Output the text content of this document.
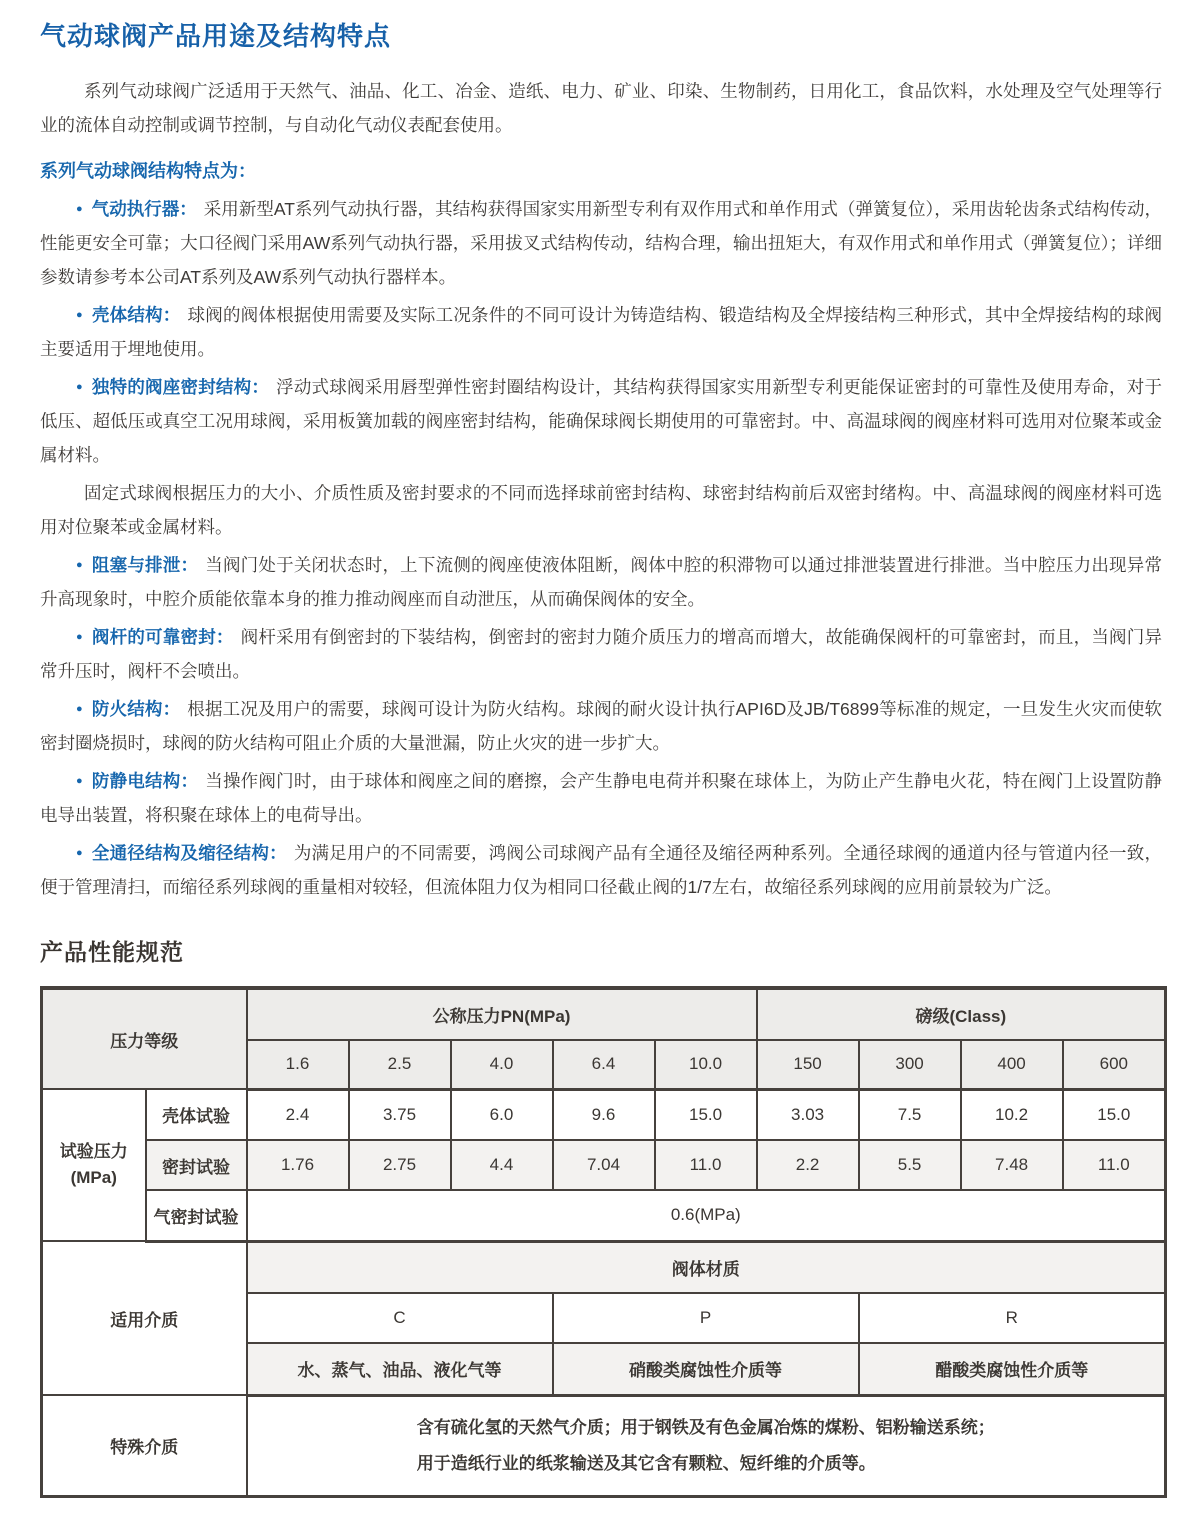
气动球阀产品用途及结构特点

系列气动球阀广泛适用于天然气、油品、化工、冶金、造纸、电力、矿业、印染、生物制药，日用化工，食品饮料，水处理及空气处理等行业的流体自动控制或调节控制，与自动化气动仪表配套使用。

系列气动球阀结构特点为：

● 气动执行器： 采用新型AT系列气动执行器，其结构获得国家实用新型专利有双作用式和单作用式（弹簧复位），采用齿轮齿条式结构传动，性能更安全可靠；大口径阀门采用AW系列气动执行器，采用拔叉式结构传动，结构合理，输出扭矩大，有双作用式和单作用式（弹簧复位）；详细参数请参考本公司AT系列及AW系列气动执行器样本。

● 壳体结构： 球阀的阀体根据使用需要及实际工况条件的不同可设计为铸造结构、锻造结构及全焊接结构三种形式，其中全焊接结构的球阀主要适用于埋地使用。

● 独特的阀座密封结构： 浮动式球阀采用唇型弹性密封圈结构设计，其结构获得国家实用新型专利更能保证密封的可靠性及使用寿命，对于低压、超低压或真空工况用球阀，采用板簧加载的阀座密封结构，能确保球阀长期使用的可靠密封。中、高温球阀的阀座材料可选用对位聚苯或金属材料。

固定式球阀根据压力的大小、介质性质及密封要求的不同而选择球前密封结构、球密封结构前后双密封绪构。中、高温球阀的阀座材料可选用对位聚苯或金属材料。

● 阻塞与排泄： 当阀门处于关闭状态时，上下流侧的阀座使液体阻断，阀体中腔的积滞物可以通过排泄装置进行排泄。当中腔压力出现异常升高现象时，中腔介质能依靠本身的推力推动阀座而自动泄压，从而确保阀体的安全。

● 阀杆的可靠密封： 阀杆采用有倒密封的下装结构，倒密封的密封力随介质压力的增高而增大，故能确保阀杆的可靠密封，而且，当阀门异常升压时，阀杆不会喷出。

● 防火结构： 根据工况及用户的需要，球阀可设计为防火结构。球阀的耐火设计执行API6D及JB/T6899等标准的规定，一旦发生火灾而使软密封圈烧损时，球阀的防火结构可阻止介质的大量泄漏，防止火灾的进一步扩大。

● 防静电结构： 当操作阀门时，由于球体和阀座之间的磨擦，会产生静电电荷并积聚在球体上，为防止产生静电火花，特在阀门上设置防静电导出装置，将积聚在球体上的电荷导出。

● 全通径结构及缩径结构： 为满足用户的不同需要，鸿阀公司球阀产品有全通径及缩径两种系列。全通径球阀的通道内径与管道内径一致，便于管理清扫，而缩径系列球阀的重量相对较轻，但流体阻力仅为相同口径截止阀的1/7左右，故缩径系列球阀的应用前景较为广泛。

产品性能规范
压力等级		公称压力PN(MPa)					磅级(Class)			
		1.6	2.5	4.0	6.4	10.0	150	300	400	600
试验压力
(MPa)	壳体试验	2.4	3.75	6.0	9.6	15.0	3.03	7.5	10.2	15.0
	密封试验	1.76	2.75	4.4	7.04	11.0	2.2	5.5	7.48	11.0
	气密封试验	0.6(MPa)								
适用介质		阀体材质								
		C			P			R		
		水、蒸气、油品、液化气等			硝酸类腐蚀性介质等			醋酸类腐蚀性介质等		
特殊介质		含有硫化氢的天然气介质；用于钢铁及有色金属冶炼的煤粉、铝粉输送系统；
用于造纸行业的纸浆输送及其它含有颗粒、短纤维的介质等。								
